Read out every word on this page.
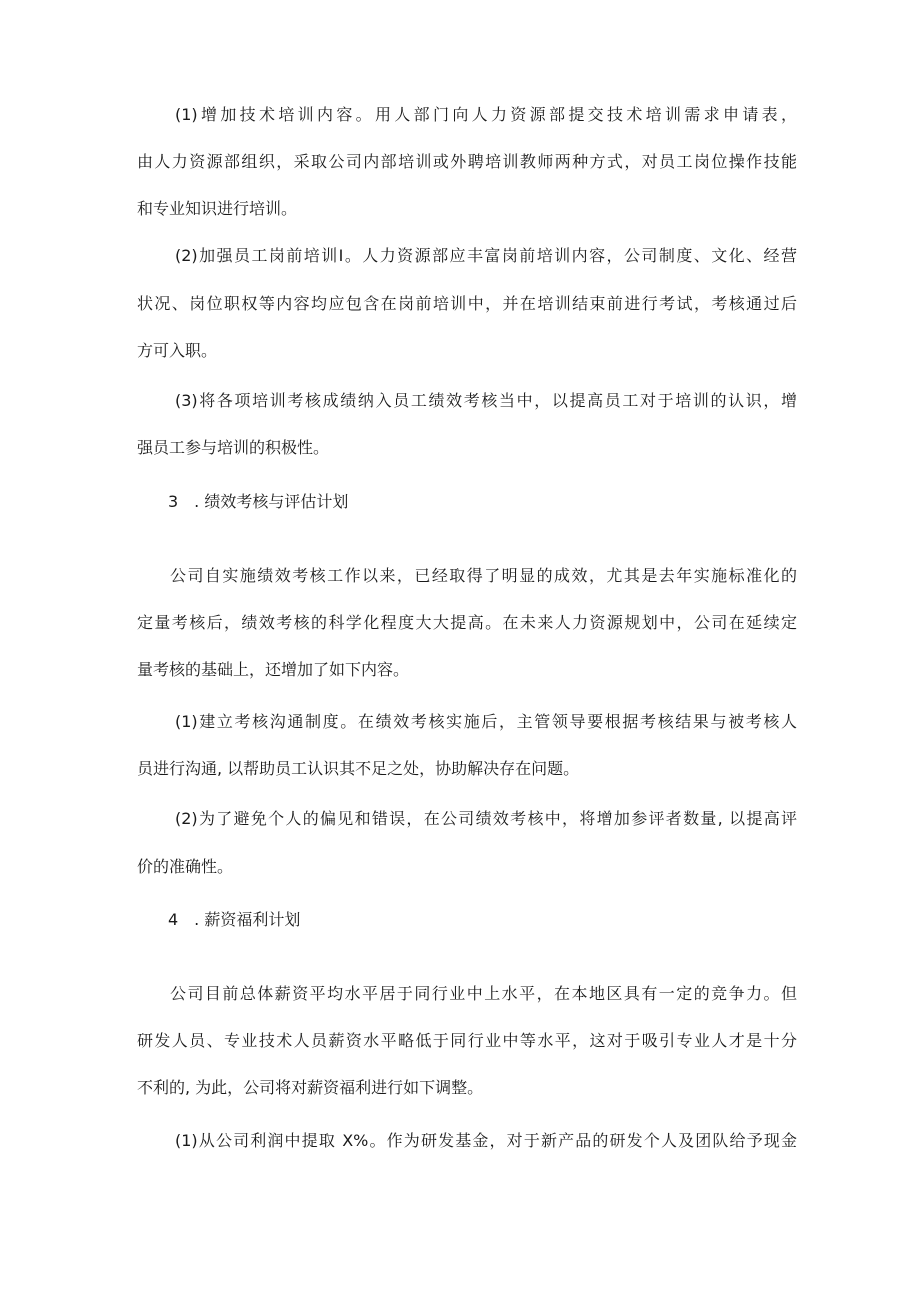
(1)增加技术培训内容。用人部门向人力资源部提交技术培训需求申请表，
由人力资源部组织，采取公司内部培训或外聘培训教师两种方式，对员工岗位操作技能
和专业知识进行培训。
(2)加强员工岗前培训Ⅰ。人力资源部应丰富岗前培训内容，公司制度、文化、经营
状况、岗位职权等内容均应包含在岗前培训中，并在培训结束前进行考试，考核通过后
方可入职。
(3)将各项培训考核成绩纳入员工绩效考核当中，以提高员工对于培训的认识，增
强员工参与培训的积极性。
3　. 绩效考核与评估计划
公司自实施绩效考核工作以来，已经取得了明显的成效，尤其是去年实施标准化的
定量考核后，绩效考核的科学化程度大大提高。在未来人力资源规划中，公司在延续定
量考核的基础上，还增加了如下内容。
(1)建立考核沟通制度。在绩效考核实施后，主管领导要根据考核结果与被考核人
员进行沟通, 以帮助员工认识其不足之处，协助解决存在问题。
(2)为了避免个人的偏见和错误，在公司绩效考核中，将增加参评者数量, 以提高评
价的准确性。
4　. 薪资福利计划
公司目前总体薪资平均水平居于同行业中上水平，在本地区具有一定的竞争力。但
研发人员、专业技术人员薪资水平略低于同行业中等水平，这对于吸引专业人才是十分
不利的, 为此，公司将对薪资福利进行如下调整。
(1)从公司利润中提取 X%。作为研发基金，对于新产品的研发个人及团队给予现金
